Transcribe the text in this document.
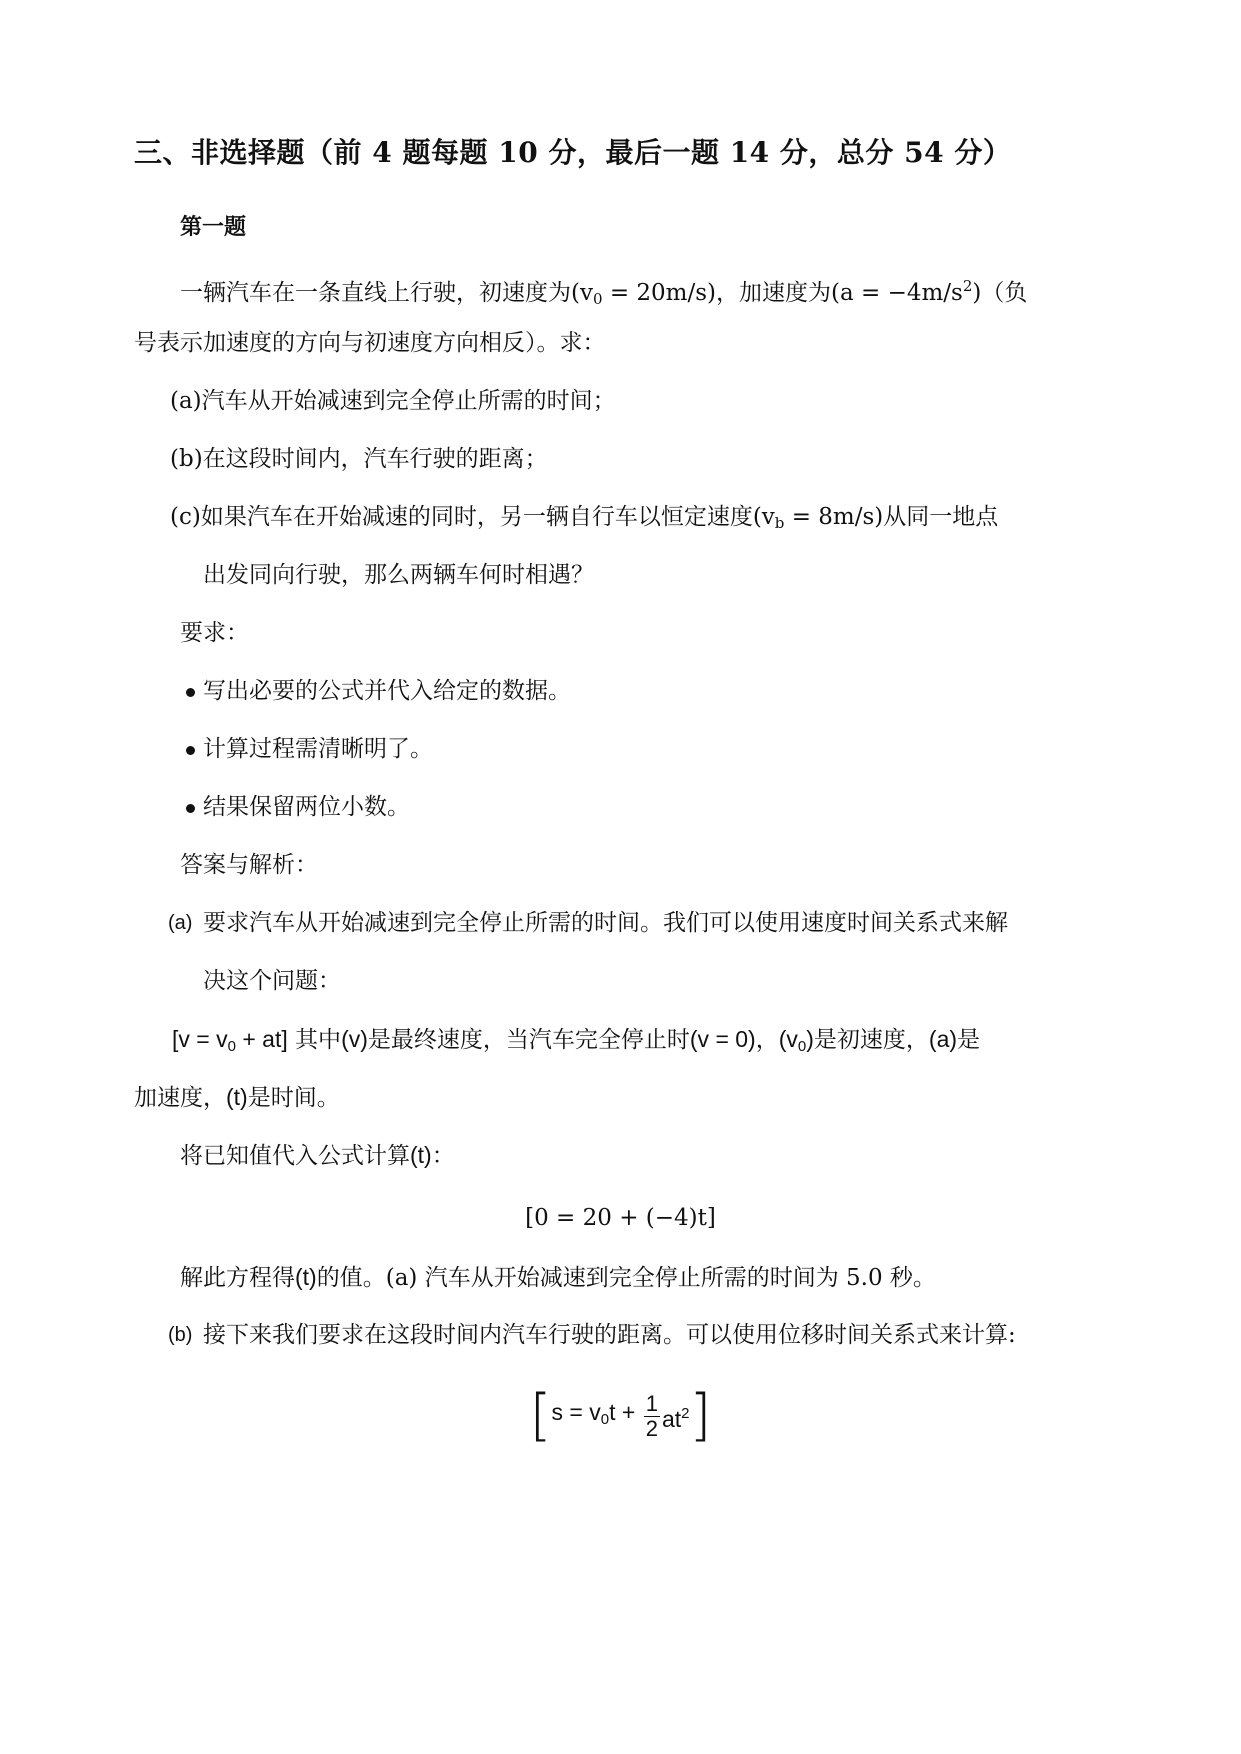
三、非选择题（前 4 题每题 10 分，最后一题 14 分，总分 54 分）
第一题
一辆汽车在一条直线上行驶，初速度为$(v_0 = 20m/s)$，加速度为$(a = -4m/s^2)$（负
号表示加速度的方向与初速度方向相反）。求：
(a)汽车从开始减速到完全停止所需的时间；
(b)在这段时间内，汽车行驶的距离；
(c)如果汽车在开始减速的同时，另一辆自行车以恒定速度$(v_b = 8m/s)$从同一地点
出发同向行驶，那么两辆车何时相遇？
要求：
写出必要的公式并代入给定的数据。
计算过程需清晰明了。
结果保留两位小数。
答案与解析：
(a) 要求汽车从开始减速到完全停止所需的时间。我们可以使用速度时间关系式来解
决这个问题：
$[v = v_0 + at]$ 其中(v)是最终速度，当汽车完全停止时(v = 0)，$(v_0)$是初速度，(a)是
加速度，(t)是时间。
将已知值代入公式计算(t)：
[0 = 20 + (−4)t]
解此方程得(t)的值。(a) 汽车从开始减速到完全停止所需的时间为 5.0 秒。
(b) 接下来我们要求在这段时间内汽车行驶的距离。可以使用位移时间关系式来计算:
$[s = v_0t + \frac{1}{2} at^2]$
